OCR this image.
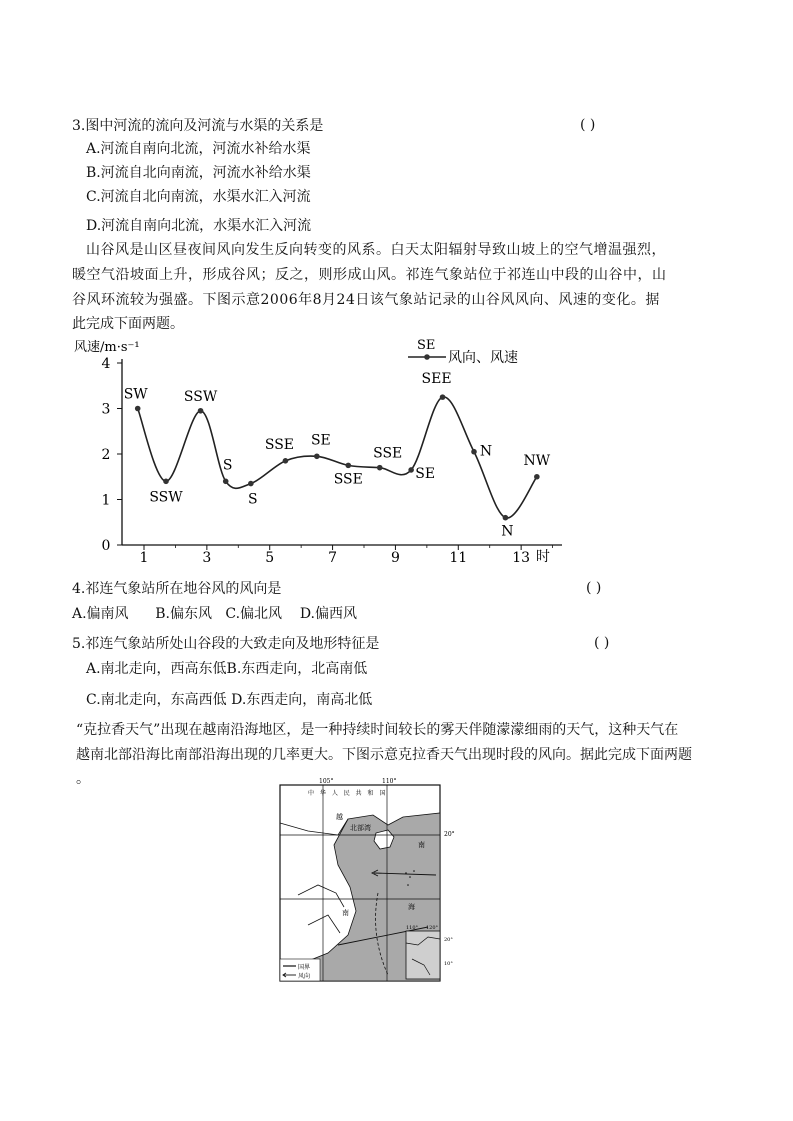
3.图中河流的流向及河流与水渠的关系是	( )
A.河流自南向北流，河流水补给水渠
B.河流自北向南流，河流水补给水渠
C.河流自北向南流，水渠水汇入河流
D.河流自南向北流，水渠水汇入河流
山谷风是山区昼夜间风向发生反向转变的风系。白天太阳辐射导致山坡上的空气增温强烈，
暖空气沿坡面上升，形成谷风；反之，则形成山风。祁连气象站位于祁连山中段的山谷中，山
谷风环流较为强盛。下图示意2006年8月24日该气象站记录的山谷风风向、风速的变化。据
此完成下面两题。
风速/m·s⁻¹
0
1
2
3
4
1	3	5	7	9	11	13
SW
SSW
SSW
S
S
SSE SE
SSE
SSE
SE
SEE
N
N
NW
SE
风向、风速
时
4.祁连气象站所在地谷风的风向是	( )
A.偏南风      B.偏东风   C.偏北风    D.偏西风
5.祁连气象站所处山谷段的大致走向及地形特征是	( )
A.南北走向，西高东低B.东西走向，北高南低
C.南北走向，东高西低 D.东西走向，南高北低
“克拉香天气”出现在越南沿海地区，是一种持续时间较长的雾天伴随濛濛细雨的天气，这种天气在
越南北部沿海比南部沿海出现的几率更大。下图示意克拉香天气出现时段的风向。据此完成下面两题
。	105°	110°
中 华 人 民 共 和 国
20°
越
北部湾
南
南
海
110° 120°
20°
10°
国界
风向
